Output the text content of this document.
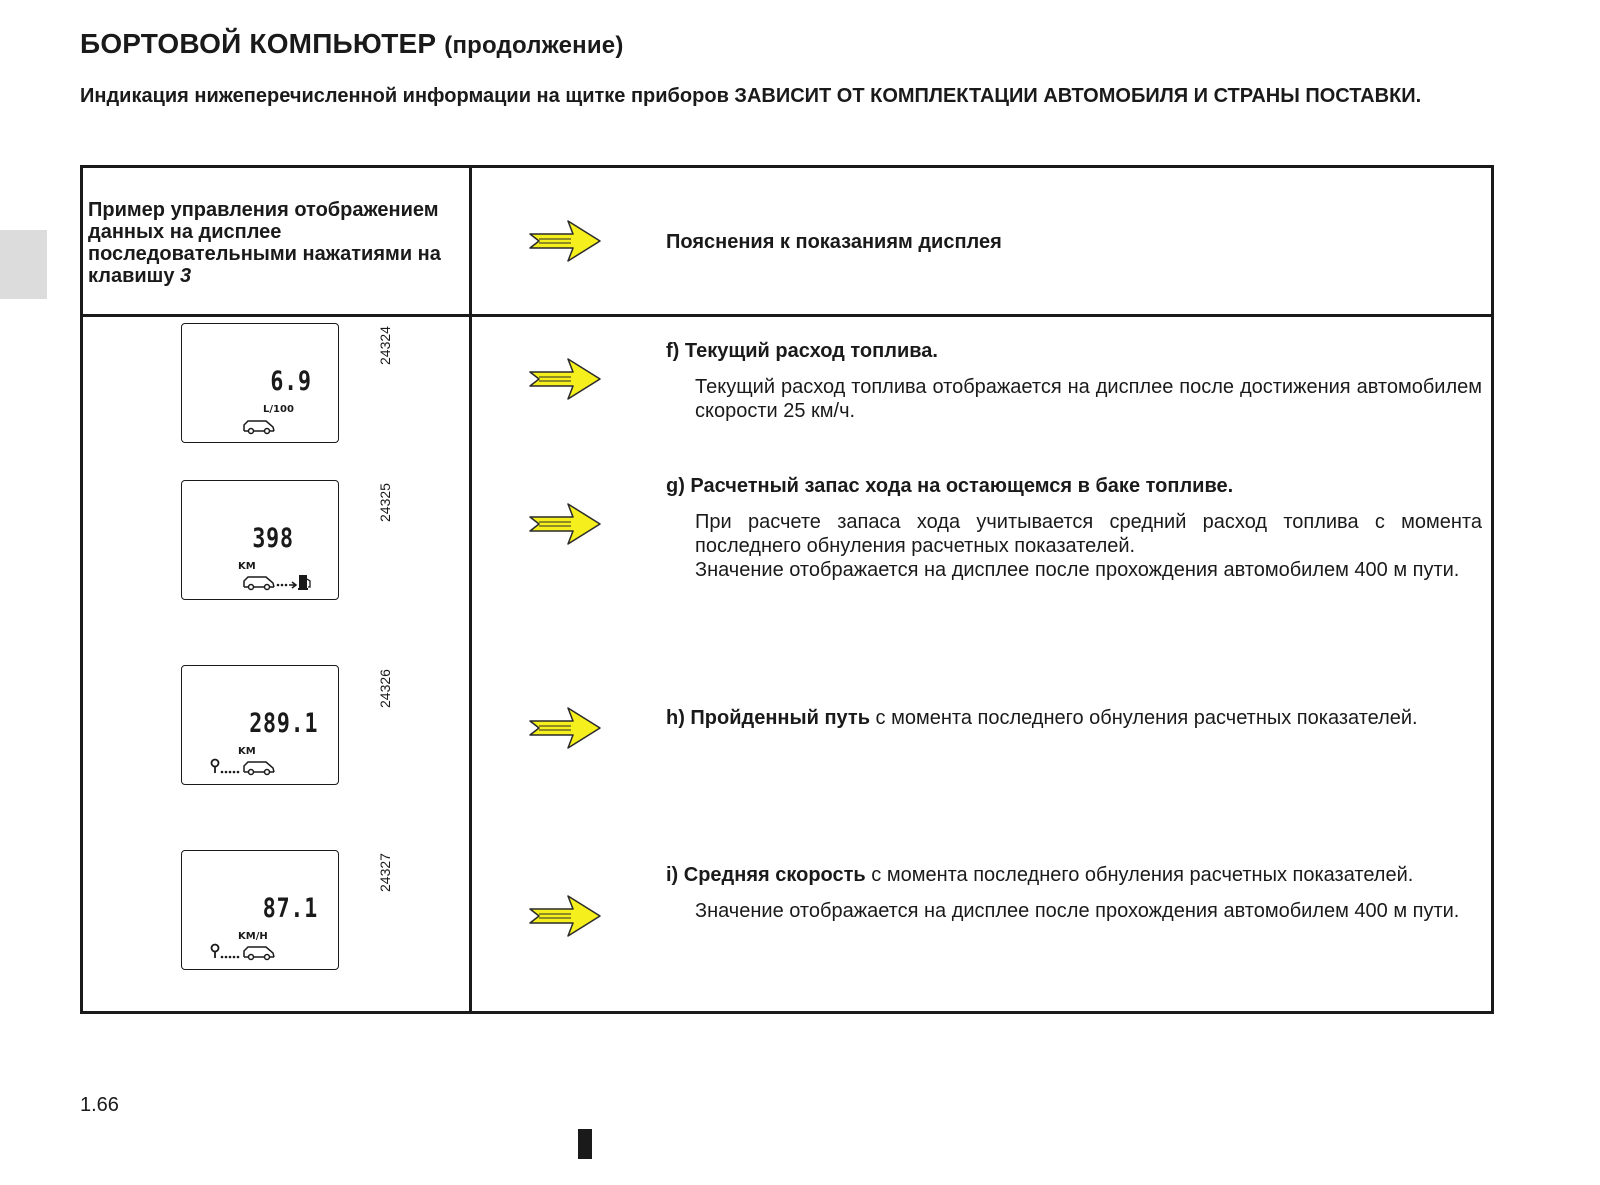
БОРТОВОЙ КОМПЬЮТЕР (продолжение)

Индикация нижеперечисленной информации на щитке приборов ЗАВИСИТ ОТ КОМПЛЕКТАЦИИ АВТОМОБИЛЯ И СТРАНЫ ПОСТАВКИ.

Пример управления отображением данных на дисплее последовательными нажатиями на клавишу 3

Пояснения к показаниям дисплея

6.9
L/100
24324	f) Текущий расход топлива.

Текущий расход топлива отображается на дисплее после достижения автомобилем скорости 25 км/ч.

398
KM
24325	g) Расчетный запас хода на остающемся в баке топливе.

При расчете запаса хода учитывается средний расход топлива с момента последнего обнуления расчетных показателей.

Значение отображается на дисплее после прохождения автомобилем 400 м пути.

289.1
KM
24326

h) Пройденный путь с момента последнего обнуления расчетных показателей.

87.1
KM/H
24327	i) Средняя скорость с момента последнего обнуления расчетных показателей.

Значение отображается на дисплее после прохождения автомобилем 400 м пути.

1.66
